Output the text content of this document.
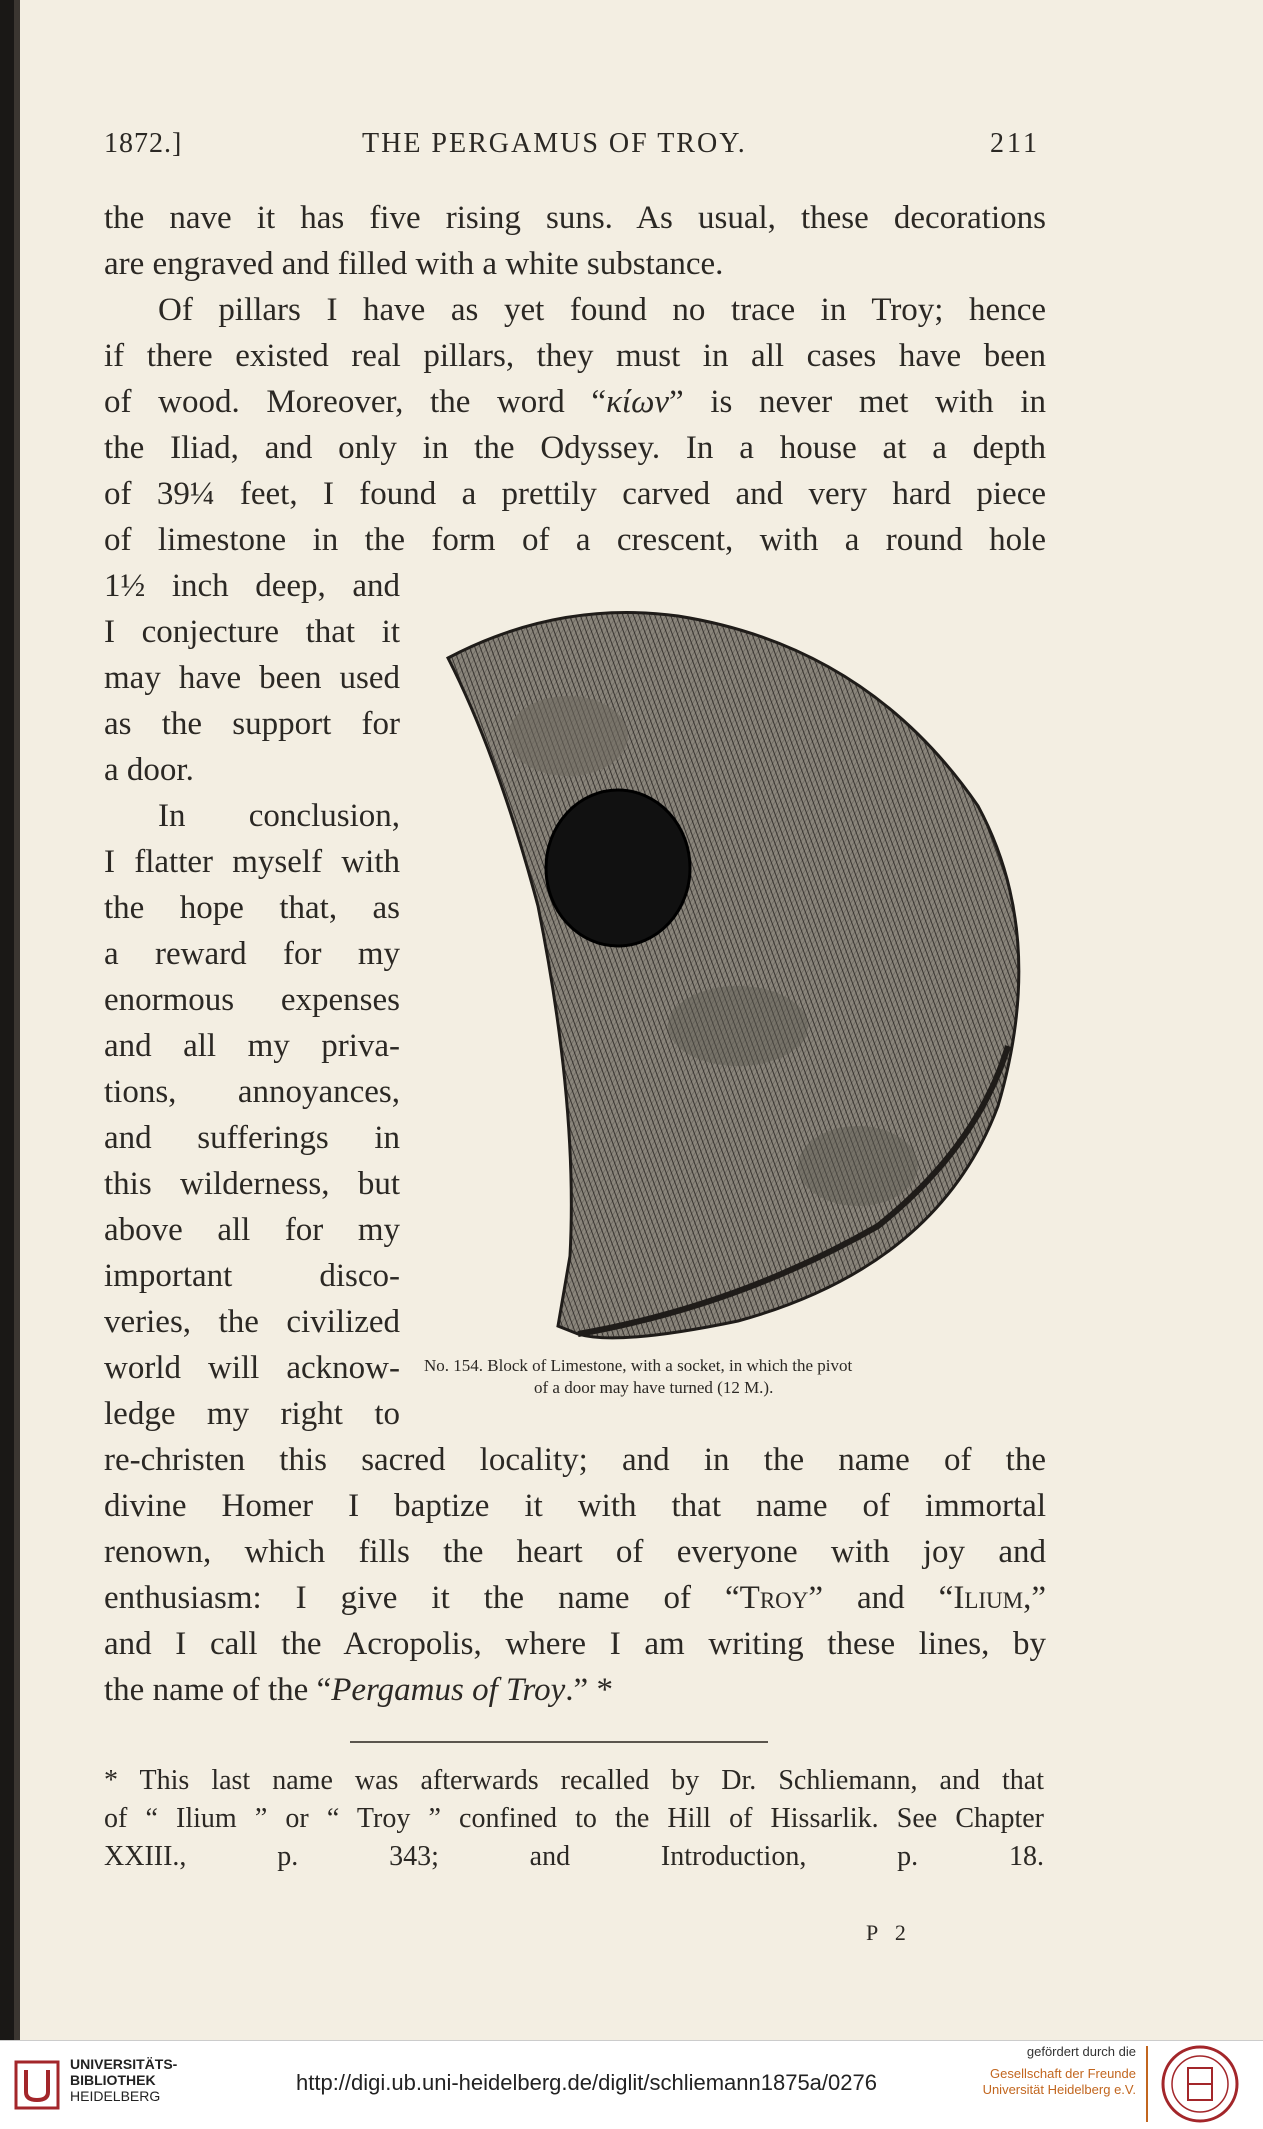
1872.]	THE PERGAMUS OF TROY.	211
the nave it has five rising suns. As usual, these decorations
are engraved and filled with a white substance.
Of pillars I have as yet found no trace in Troy; hence
if there existed real pillars, they must in all cases have been
of wood. Moreover, the word “κίων” is never met with in
the Iliad, and only in the Odyssey. In a house at a depth
of 39¼ feet, I found a prettily carved and very hard piece
of limestone in the form of a crescent, with a round hole
1½ inch deep, and
I conjecture that it
may have been used
as the support for
a door.
In conclusion,
I flatter myself with
the hope that, as
a reward for my
enormous expenses
and all my priva-
tions, annoyances,
and sufferings in
this wilderness, but
above all for my
important disco-
veries, the civilized
world will acknow-
ledge my right to
No. 154. Block of Limestone, with a socket, in which the pivot
of a door may have turned (12 M.).
re-christen this sacred locality; and in the name of the
divine Homer I baptize it with that name of immortal
renown, which fills the heart of everyone with joy and
enthusiasm: I give it the name of “Troy” and “Ilium,”
and I call the Acropolis, where I am writing these lines, by
the name of the “Pergamus of Troy.” *
* This last name was afterwards recalled by Dr. Schliemann, and that
of “ Ilium ” or “ Troy ” confined to the Hill of Hissarlik. See Chapter
XXIII., p. 343; and Introduction, p. 18.
P 2
UNIVERSITÄTS-
BIBLIOTHEK
HEIDELBERG
http://digi.ub.uni-heidelberg.de/diglit/schliemann1875a/0276
gefördert durch die
Gesellschaft der Freunde
Universität Heidelberg e.V.
